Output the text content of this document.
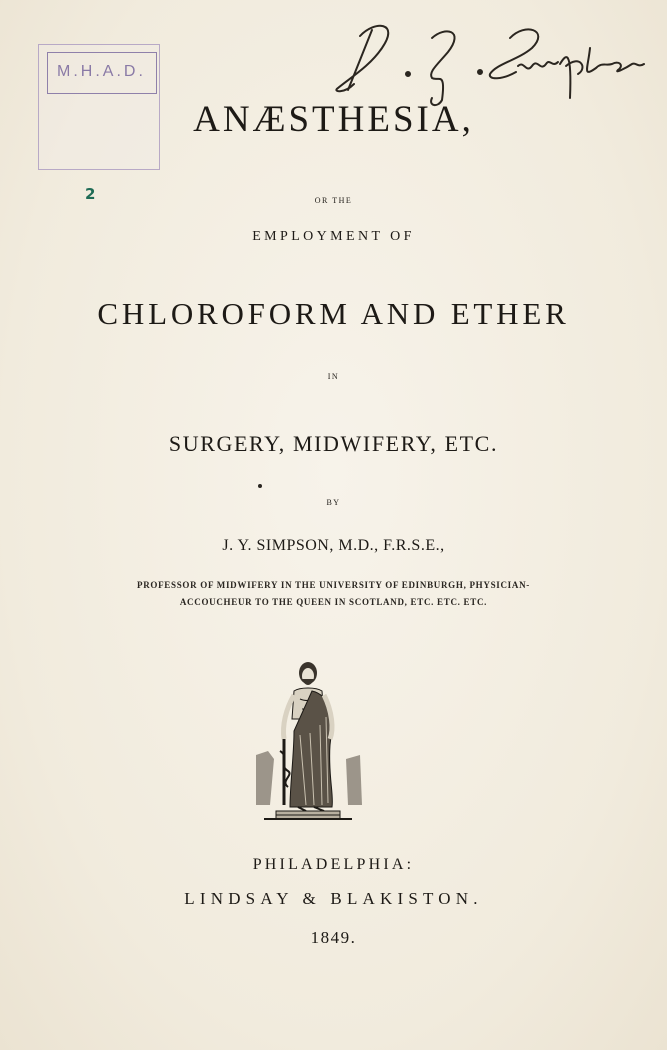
M.H.A.D.
2
ANÆSTHESIA,
OR THE
EMPLOYMENT OF
CHLOROFORM AND ETHER
IN
SURGERY, MIDWIFERY, ETC.
BY
J. Y. SIMPSON, M.D., F.R.S.E.,
PROFESSOR OF MIDWIFERY IN THE UNIVERSITY OF EDINBURGH, PHYSICIAN-
ACCOUCHEUR TO THE QUEEN IN SCOTLAND, ETC. ETC. ETC.
PHILADELPHIA:
LINDSAY & BLAKISTON.
1849.
